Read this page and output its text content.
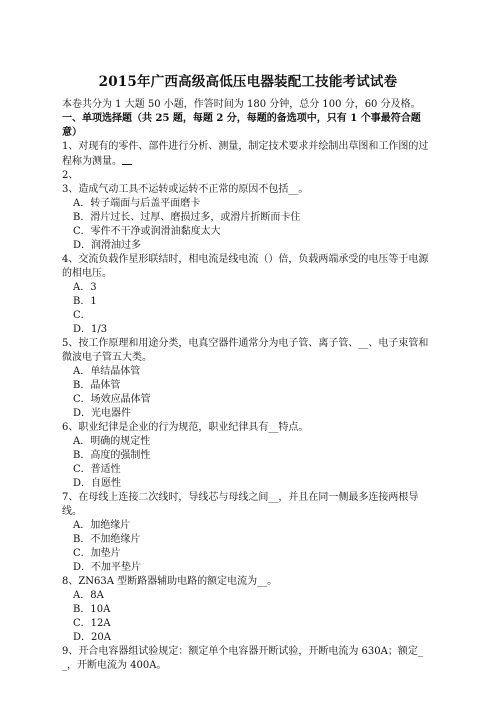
2015年广西高级高低压电器装配工技能考试试卷

本卷共分为 1 大题 50 小题，作答时间为 180 分钟，总分 100 分，60 分及格。

一、单项选择题（共 25 题，每题 2 分，每题的备选项中，只有 1 个事最符合题意）

1、对现有的零件、部件进行分析、测量，制定技术要求并绘制出草图和工作图的过程称为测量。

2、

3、造成气动工具不运转或运转不正常的原因不包括__。

A．转子端面与后盖平面磨卡

B．滑片过长、过厚、磨损过多，或滑片折断而卡住

C．零件不干净或润滑油黏度太大

D．润滑油过多

4、交流负载作星形联结时，相电流是线电流（）倍，负载两端承受的电压等于电源的相电压。

A．3

B．1

C．

D．1/3

5、按工作原理和用途分类，电真空器件通常分为电子管、离子管、__、电子束管和微波电子管五大类。

A．单结晶体管

B．晶体管

C．场效应晶体管

D．光电器件

6、职业纪律是企业的行为规范，职业纪律具有__特点。

A．明确的规定性

B．高度的强制性

C．普适性

D．自愿性

7、在母线上连接二次线时，导线芯与母线之间__，并且在同一侧最多连接两根导线。

A．加绝缘片

B．不加绝缘片

C．加垫片

D．不加平垫片

8、ZN63A 型断路器辅助电路的额定电流为__。

A．8A

B．10A

C．12A

D．20A

9、开合电容器组试验规定：额定单个电容器开断试验，开断电流为 630A；额定__，开断电流为 400A。
